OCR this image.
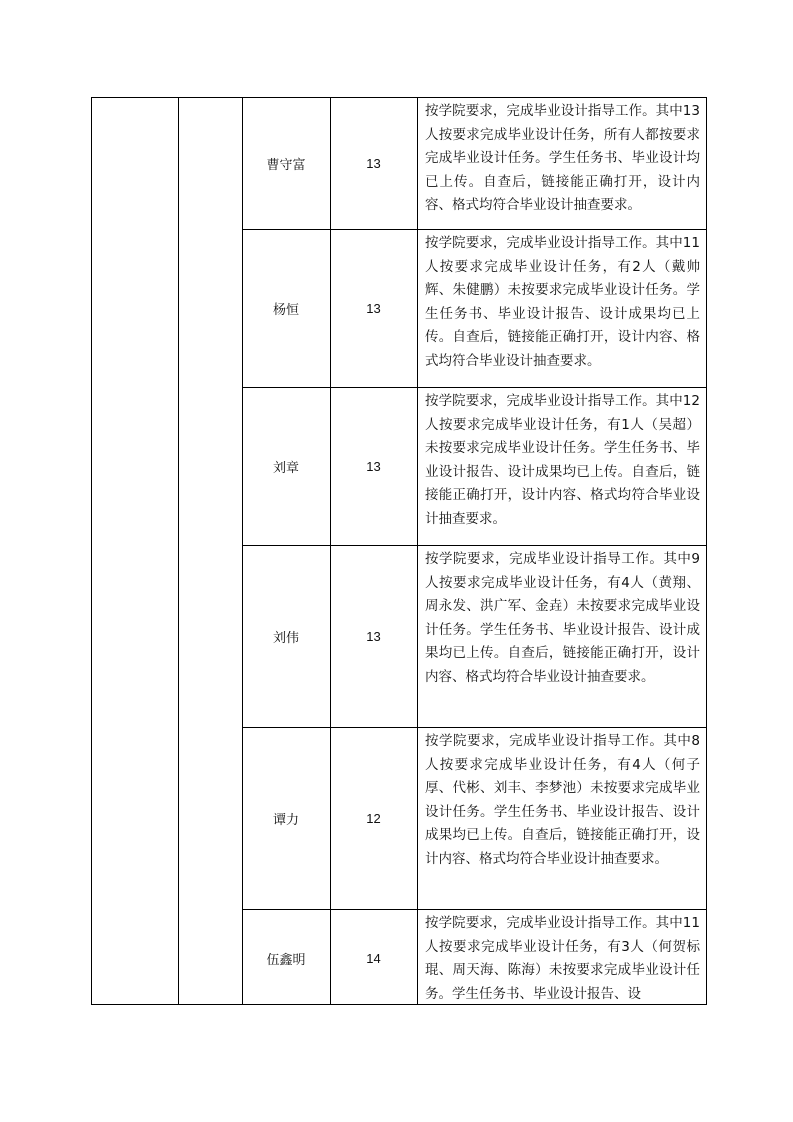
曹守富	13
按学院要求，完成毕业设计指导工作。其中13人按要求完成毕业设计任务，所有人都按要求完成毕业设计任务。学生任务书、毕业设计均已上传。自查后，链接能正确打开，设计内容、格式均符合毕业设计抽查要求。
杨恒	13
按学院要求，完成毕业设计指导工作。其中11人按要求完成毕业设计任务，有2人（戴帅辉、朱健鹏）未按要求完成毕业设计任务。学生任务书、毕业设计报告、设计成果均已上传。自查后，链接能正确打开，设计内容、格式均符合毕业设计抽查要求。
刘章	13
按学院要求，完成毕业设计指导工作。其中12人按要求完成毕业设计任务，有1人（吴超）未按要求完成毕业设计任务。学生任务书、毕业设计报告、设计成果均已上传。自查后，链接能正确打开，设计内容、格式均符合毕业设计抽查要求。
刘伟	13
按学院要求，完成毕业设计指导工作。其中9人按要求完成毕业设计任务，有4人（黄翔、周永发、洪广军、金垚）未按要求完成毕业设计任务。学生任务书、毕业设计报告、设计成果均已上传。自查后，链接能正确打开，设计内容、格式均符合毕业设计抽查要求。
谭力	12
按学院要求，完成毕业设计指导工作。其中8人按要求完成毕业设计任务，有4人（何子厚、代彬、刘丰、李梦池）未按要求完成毕业设计任务。学生任务书、毕业设计报告、设计成果均已上传。自查后，链接能正确打开，设计内容、格式均符合毕业设计抽查要求。
伍鑫明	14
按学院要求，完成毕业设计指导工作。其中11人按要求完成毕业设计任务，有3人（何贺标琨、周天海、陈海）未按要求完成毕业设计任务。学生任务书、毕业设计报告、设
